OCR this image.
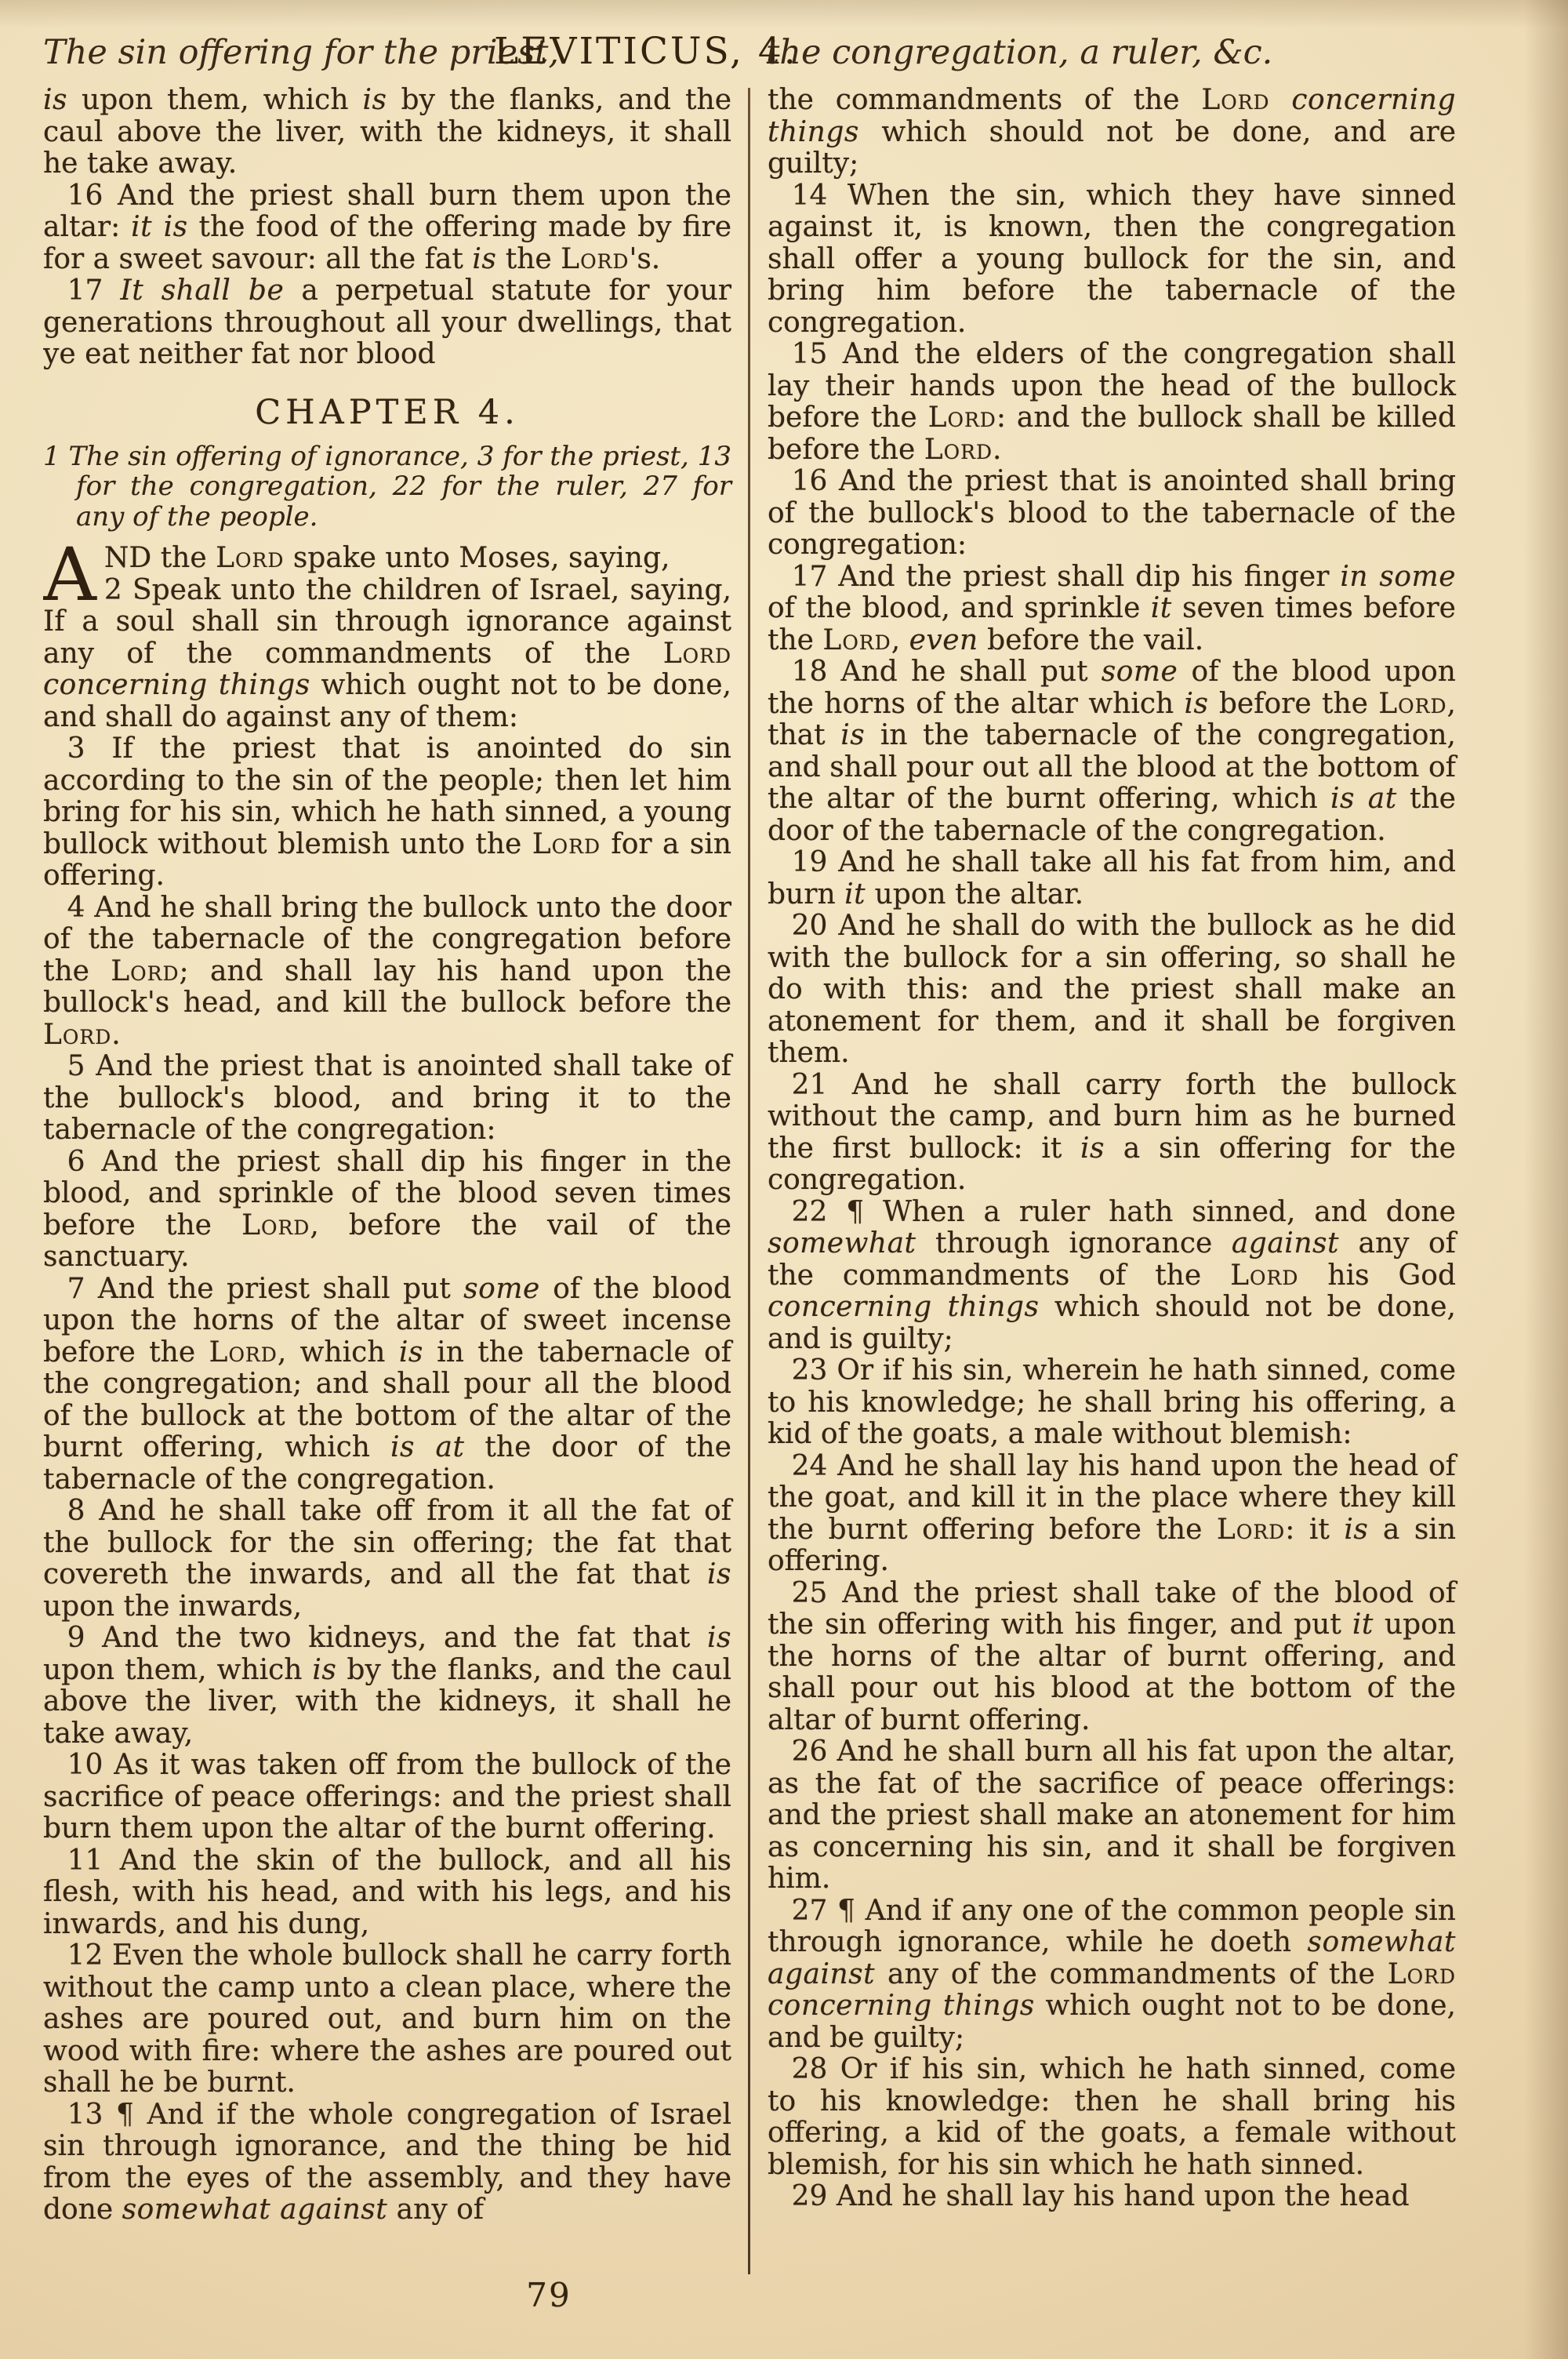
The sin offering for the priest,
LEVITICUS, 4.
the congregation, a ruler, &c.

is upon them, which is by the flanks, and the caul above the liver, with the kidneys, it shall he take away.

16 And the priest shall burn them upon the altar: it is the food of the offering made by fire for a sweet savour: all the fat is the Lord's.

17 It shall be a perpetual statute for your generations throughout all your dwellings, that ye eat neither fat nor blood

CHAPTER 4.

1 The sin offering of ignorance, 3 for the priest, 13 for the congregation, 22 for the ruler, 27 for any of the people.

A ND the Lord spake unto Moses, saying,

2 Speak unto the children of Israel, saying, If a soul shall sin through ignorance against any of the commandments of the Lord concerning things which ought not to be done, and shall do against any of them:

3 If the priest that is anointed do sin according to the sin of the people; then let him bring for his sin, which he hath sinned, a young bullock without blemish unto the Lord for a sin offering.

4 And he shall bring the bullock unto the door of the tabernacle of the congregation before the Lord; and shall lay his hand upon the bullock's head, and kill the bullock before the Lord.

5 And the priest that is anointed shall take of the bullock's blood, and bring it to the tabernacle of the congregation:

6 And the priest shall dip his finger in the blood, and sprinkle of the blood seven times before the Lord, before the vail of the sanctuary.

7 And the priest shall put some of the blood upon the horns of the altar of sweet incense before the Lord, which is in the tabernacle of the congregation; and shall pour all the blood of the bullock at the bottom of the altar of the burnt offering, which is at the door of the tabernacle of the congregation.

8 And he shall take off from it all the fat of the bullock for the sin offering; the fat that covereth the inwards, and all the fat that is upon the inwards,

9 And the two kidneys, and the fat that is upon them, which is by the flanks, and the caul above the liver, with the kidneys, it shall he take away,

10 As it was taken off from the bullock of the sacrifice of peace offerings: and the priest shall burn them upon the altar of the burnt offering.

11 And the skin of the bullock, and all his flesh, with his head, and with his legs, and his inwards, and his dung,

12 Even the whole bullock shall he carry forth without the camp unto a clean place, where the ashes are poured out, and burn him on the wood with fire: where the ashes are poured out shall he be burnt.

13 ¶ And if the whole congregation of Israel sin through ignorance, and the thing be hid from the eyes of the assembly, and they have done somewhat against any of

the commandments of the Lord concerning things which should not be done, and are guilty;

14 When the sin, which they have sinned against it, is known, then the congregation shall offer a young bullock for the sin, and bring him before the tabernacle of the congregation.

15 And the elders of the congregation shall lay their hands upon the head of the bullock before the Lord: and the bullock shall be killed before the Lord.

16 And the priest that is anointed shall bring of the bullock's blood to the tabernacle of the congregation:

17 And the priest shall dip his finger in some of the blood, and sprinkle it seven times before the Lord, even before the vail.

18 And he shall put some of the blood upon the horns of the altar which is before the Lord, that is in the tabernacle of the congregation, and shall pour out all the blood at the bottom of the altar of the burnt offering, which is at the door of the tabernacle of the congregation.

19 And he shall take all his fat from him, and burn it upon the altar.

20 And he shall do with the bullock as he did with the bullock for a sin offering, so shall he do with this: and the priest shall make an atonement for them, and it shall be forgiven them.

21 And he shall carry forth the bullock without the camp, and burn him as he burned the first bullock: it is a sin offering for the congregation.

22 ¶ When a ruler hath sinned, and done somewhat through ignorance against any of the commandments of the Lord his God concerning things which should not be done, and is guilty;

23 Or if his sin, wherein he hath sinned, come to his knowledge; he shall bring his offering, a kid of the goats, a male without blemish:

24 And he shall lay his hand upon the head of the goat, and kill it in the place where they kill the burnt offering before the Lord: it is a sin offering.

25 And the priest shall take of the blood of the sin offering with his finger, and put it upon the horns of the altar of burnt offering, and shall pour out his blood at the bottom of the altar of burnt offering.

26 And he shall burn all his fat upon the altar, as the fat of the sacrifice of peace offerings: and the priest shall make an atonement for him as concerning his sin, and it shall be forgiven him.

27 ¶ And if any one of the common people sin through ignorance, while he doeth somewhat against any of the commandments of the Lord concerning things which ought not to be done, and be guilty;

28 Or if his sin, which he hath sinned, come to his knowledge: then he shall bring his offering, a kid of the goats, a female without blemish, for his sin which he hath sinned.

29 And he shall lay his hand upon the head

79
